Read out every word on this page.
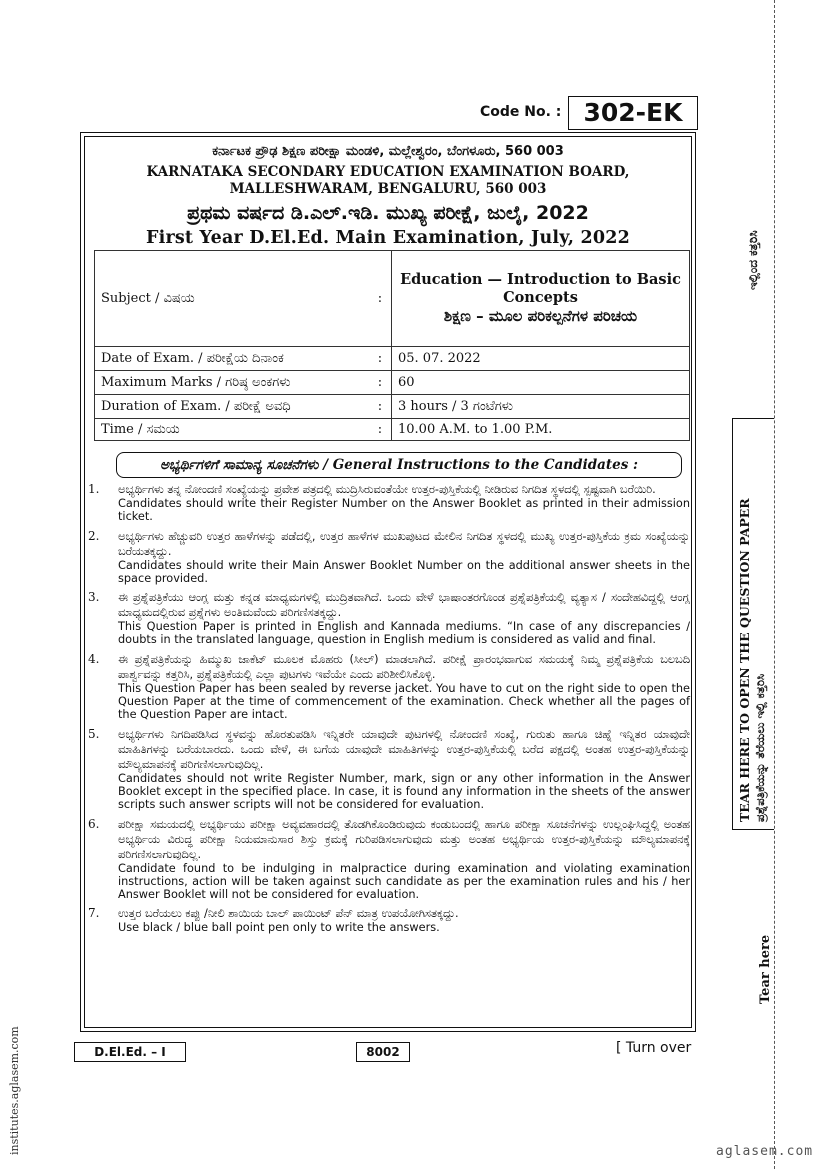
Code No. : 302-EK
ಕರ್ನಾಟಕ ಪ್ರೌಢ ಶಿಕ್ಷಣ ಪರೀಕ್ಷಾ ಮಂಡಳಿ, ಮಲ್ಲೇಶ್ವರಂ, ಬೆಂಗಳೂರು, 560 003
KARNATAKA SECONDARY EDUCATION EXAMINATION BOARD, MALLESHWARAM, BENGALURU, 560 003
ಪ್ರಥಮ ವರ್ಷದ ಡಿ.ಎಲ್.ಇಡಿ. ಮುಖ್ಯ ಪರೀಕ್ಷೆ, ಜುಲೈ, 2022
First Year D.El.Ed. Main Examination, July, 2022
Subject / ವಿಷಯ	:	Education — Introduction to Basic Concepts
ಶಿಕ್ಷಣ – ಮೂಲ ಪರಿಕಲ್ಪನೆಗಳ ಪರಿಚಯ

Date of Exam. / ಪರೀಕ್ಷೆಯ ದಿನಾಂಕ	:	05. 07. 2022
Maximum Marks / ಗರಿಷ್ಠ ಅಂಕಗಳು	:	60
Duration of Exam. / ಪರೀಕ್ಷೆ ಅವಧಿ	:	3 hours / 3 ಗಂಟೆಗಳು
Time / ಸಮಯ	:	10.00 A.M. to 1.00 P.M.
ಅಭ್ಯರ್ಥಿಗಳಿಗೆ ಸಾಮಾನ್ಯ ಸೂಚನೆಗಳು / General Instructions to the Candidates :
1. ಅಭ್ಯರ್ಥಿಗಳು ತನ್ನ ನೋಂದಣಿ ಸಂಖ್ಯೆಯನ್ನು ಪ್ರವೇಶ ಪತ್ರದಲ್ಲಿ ಮುದ್ರಿಸಿರುವಂತೆಯೇ ಉತ್ತರ-ಪುಸ್ತಿಕೆಯಲ್ಲಿ ನೀಡಿರುವ ನಿಗದಿತ ಸ್ಥಳದಲ್ಲಿ ಸ್ಪಷ್ಟವಾಗಿ ಬರೆಯಿರಿ.
Candidates should write their Register Number on the Answer Booklet as printed in their admission ticket.
2. ಅಭ್ಯರ್ಥಿಗಳು ಹೆಚ್ಚುವರಿ ಉತ್ತರ ಹಾಳೆಗಳನ್ನು ಪಡೆದಲ್ಲಿ, ಉತ್ತರ ಹಾಳೆಗಳ ಮುಖಪುಟದ ಮೇಲಿನ ನಿಗದಿತ ಸ್ಥಳದಲ್ಲಿ ಮುಖ್ಯ ಉತ್ತರ-ಪುಸ್ತಿಕೆಯ ಕ್ರಮ ಸಂಖ್ಯೆಯನ್ನು ಬರೆಯತಕ್ಕದ್ದು.
Candidates should write their Main Answer Booklet Number on the additional answer sheets in the space provided.
3. ಈ ಪ್ರಶ್ನೆಪತ್ರಿಕೆಯು ಆಂಗ್ಲ ಮತ್ತು ಕನ್ನಡ ಮಾಧ್ಯಮಗಳಲ್ಲಿ ಮುದ್ರಿತವಾಗಿದೆ. ಒಂದು ವೇಳೆ ಭಾಷಾಂತರಗೊಂಡ ಪ್ರಶ್ನೆಪತ್ರಿಕೆಯಲ್ಲಿ ವ್ಯತ್ಯಾಸ / ಸಂದೇಹವಿದ್ದಲ್ಲಿ ಆಂಗ್ಲ ಮಾಧ್ಯಮದಲ್ಲಿರುವ ಪ್ರಶ್ನೆಗಳು ಅಂತಿಮವೆಂದು ಪರಿಗಣಿಸತಕ್ಕದ್ದು.
This Question Paper is printed in English and Kannada mediums. “In case of any discrepancies / doubts in the translated language, question in English medium is considered as valid and final.
4. ಈ ಪ್ರಶ್ನೆಪತ್ರಿಕೆಯನ್ನು ಹಿಮ್ಮುಖ ಜಾಕೆಟ್ ಮೂಲಕ ಮೊಹರು (ಸೀಲ್) ಮಾಡಲಾಗಿದೆ. ಪರೀಕ್ಷೆ ಪ್ರಾರಂಭವಾಗುವ ಸಮಯಕ್ಕೆ ನಿಮ್ಮ ಪ್ರಶ್ನೆಪತ್ರಿಕೆಯ ಬಲಬದಿ ಪಾರ್ಶ್ವವನ್ನು ಕತ್ತರಿಸಿ, ಪ್ರಶ್ನೆಪತ್ರಿಕೆಯಲ್ಲಿ ಎಲ್ಲಾ ಪುಟಗಳು ಇವೆಯೇ ಎಂದು ಪರಿಶೀಲಿಸಿಕೊಳ್ಳಿ.
This Question Paper has been sealed by reverse jacket. You have to cut on the right side to open the Question Paper at the time of commencement of the examination. Check whether all the pages of the Question Paper are intact.
5. ಅಭ್ಯರ್ಥಿಗಳು ನಿಗದಿಪಡಿಸಿದ ಸ್ಥಳವನ್ನು ಹೊರತುಪಡಿಸಿ ಇನ್ನಿತರೇ ಯಾವುದೇ ಪುಟಗಳಲ್ಲಿ ನೋಂದಣಿ ಸಂಖ್ಯೆ, ಗುರುತು ಹಾಗೂ ಚಿಹ್ನೆ ಇನ್ನಿತರ ಯಾವುದೇ ಮಾಹಿತಿಗಳನ್ನು ಬರೆಯಬಾರದು. ಒಂದು ವೇಳೆ, ಈ ಬಗೆಯ ಯಾವುದೇ ಮಾಹಿತಿಗಳನ್ನು ಉತ್ತರ-ಪುಸ್ತಿಕೆಯಲ್ಲಿ ಬರೆದ ಪಕ್ಷದಲ್ಲಿ ಅಂತಹ ಉತ್ತರ-ಪುಸ್ತಿಕೆಯನ್ನು ಮೌಲ್ಯಮಾಪನಕ್ಕೆ ಪರಿಗಣಿಸಲಾಗುವುದಿಲ್ಲ.
Candidates should not write Register Number, mark, sign or any other information in the Answer Booklet except in the specified place. In case, it is found any information in the sheets of the answer scripts such answer scripts will not be considered for evaluation.
6. ಪರೀಕ್ಷಾ ಸಮಯದಲ್ಲಿ ಅಭ್ಯರ್ಥಿಯು ಪರೀಕ್ಷಾ ಅವ್ಯವಹಾರದಲ್ಲಿ ತೊಡಗಿಕೊಂಡಿರುವುದು ಕಂಡುಬಂದಲ್ಲಿ ಹಾಗೂ ಪರೀಕ್ಷಾ ಸೂಚನೆಗಳನ್ನು ಉಲ್ಲಂಘಿಸಿದ್ದಲ್ಲಿ ಅಂತಹ ಅಭ್ಯರ್ಥಿಯ ವಿರುದ್ಧ ಪರೀಕ್ಷಾ ನಿಯಮಾನುಸಾರ ಶಿಸ್ತು ಕ್ರಮಕ್ಕೆ ಗುರಿಪಡಿಸಲಾಗುವುದು ಮತ್ತು ಅಂತಹ ಅಭ್ಯರ್ಥಿಯ ಉತ್ತರ-ಪುಸ್ತಿಕೆಯನ್ನು ಮೌಲ್ಯಮಾಪನಕ್ಕೆ ಪರಿಗಣಿಸಲಾಗುವುದಿಲ್ಲ.
Candidate found to be indulging in malpractice during examination and violating examination instructions, action will be taken against such candidate as per the examination rules and his / her Answer Booklet will not be considered for evaluation.
7. ಉತ್ತರ ಬರೆಯಲು ಕಪ್ಪು /ನೀಲಿ ಶಾಯಿಯ ಬಾಲ್ ಪಾಯಿಂಟ್ ಪೆನ್ ಮಾತ್ರ ಉಪಯೋಗಿಸತಕ್ಕದ್ದು.
Use black / blue ball point pen only to write the answers.
D.El.Ed. – I	8002	[ Turn over
ಇಲ್ಲಿಂದ ಕತ್ತರಿಸಿ
TEAR HERE TO OPEN THE QUESTION PAPER ಪ್ರಶ್ನೆಪತ್ರಿಕೆಯನ್ನು ತೆರೆಯಲು ಇಲ್ಲಿ ಕತ್ತರಿಸಿ
Tear here
institutes.aglasem.com	aglasem.com
